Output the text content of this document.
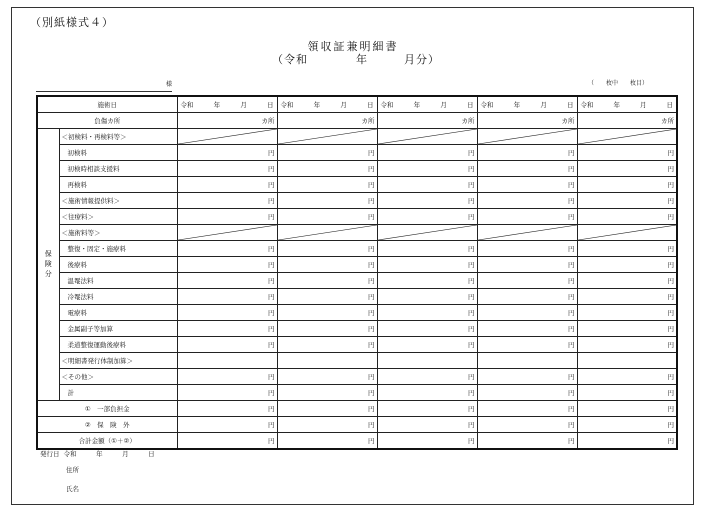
（別紙様式４）
領収証兼明細書
（令和　　　　年　　　月分）
様	（　　枚中　　枚目）
施術日		令和 年 月 日	令和 年 月 日	令和 年 月 日	令和 年 月 日	令和 年 月 日

負傷カ所		カ所	カ所	カ所	カ所	カ所
保険分	＜初検料・再検料等＞	

	初検料	円	円	円	円	円
	初検時相談支援料	円	円	円	円	円
	再検料	円	円	円	円	円
	＜施術情報提供料＞	円	円	円	円	円
	＜往療料＞	円	円	円	円	円
	＜施術料等＞	

	整復・固定・施療料	円	円	円	円	円
	後療料	円	円	円	円	円
	温罨法料	円	円	円	円	円
	冷罨法料	円	円	円	円	円
	電療料	円	円	円	円	円
	金属副子等加算	円	円	円	円	円
	柔道整復運動後療料	円	円	円	円	円
	＜明細書発行体制加算＞					
	＜その他＞	円	円	円	円	円
	計	円	円	円	円	円
①　一部負担金		円	円	円	円	円
②　保　険　外		円	円	円	円	円
合計金額（①＋②）		円	円	円	円	円
発行日  令和　　　年　　　月　　　日
住所
氏名
